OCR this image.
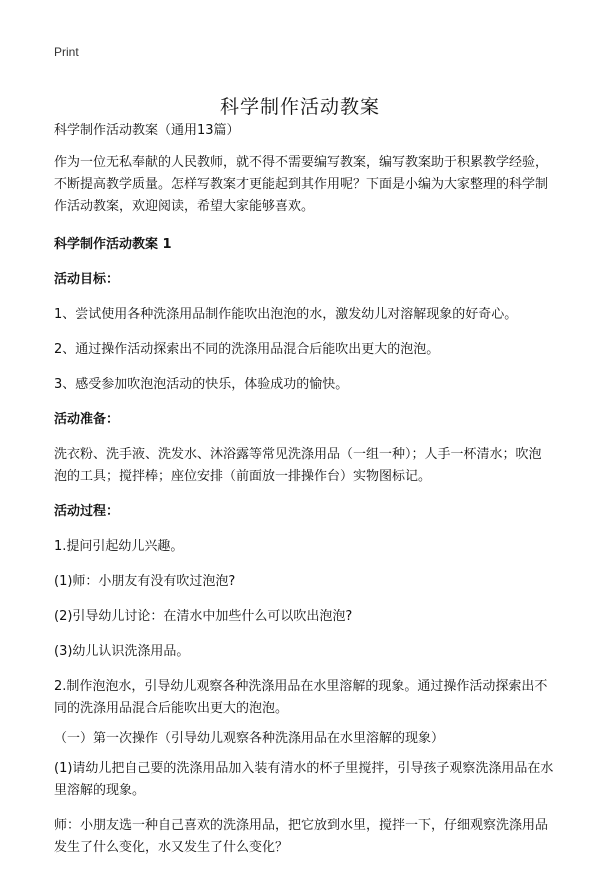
Print
科学制作活动教案

科学制作活动教案（通用13篇）

作为一位无私奉献的人民教师，就不得不需要编写教案，编写教案助于积累教学经验，不断提高教学质量。怎样写教案才更能起到其作用呢？下面是小编为大家整理的科学制作活动教案，欢迎阅读，希望大家能够喜欢。

科学制作活动教案 1

活动目标：

1、尝试使用各种洗涤用品制作能吹出泡泡的水，激发幼儿对溶解现象的好奇心。

2、通过操作活动探索出不同的洗涤用品混合后能吹出更大的泡泡。

3、感受参加吹泡泡活动的快乐，体验成功的愉快。

活动准备：

洗衣粉、洗手液、洗发水、沐浴露等常见洗涤用品（一组一种）；人手一杯清水；吹泡泡的工具；搅拌棒；座位安排（前面放一排操作台）实物图标记。

活动过程：

1.提问引起幼儿兴趣。

(1)师：小朋友有没有吹过泡泡?

(2)引导幼儿讨论：在清水中加些什么可以吹出泡泡?

(3)幼儿认识洗涤用品。

2.制作泡泡水，引导幼儿观察各种洗涤用品在水里溶解的现象。通过操作活动探索出不同的洗涤用品混合后能吹出更大的泡泡。

（一）第一次操作（引导幼儿观察各种洗涤用品在水里溶解的现象）

(1)请幼儿把自己要的洗涤用品加入装有清水的杯子里搅拌，引导孩子观察洗涤用品在水里溶解的现象。

师：小朋友选一种自己喜欢的洗涤用品，把它放到水里，搅拌一下，仔细观察洗涤用品发生了什么变化，水又发生了什么变化？
